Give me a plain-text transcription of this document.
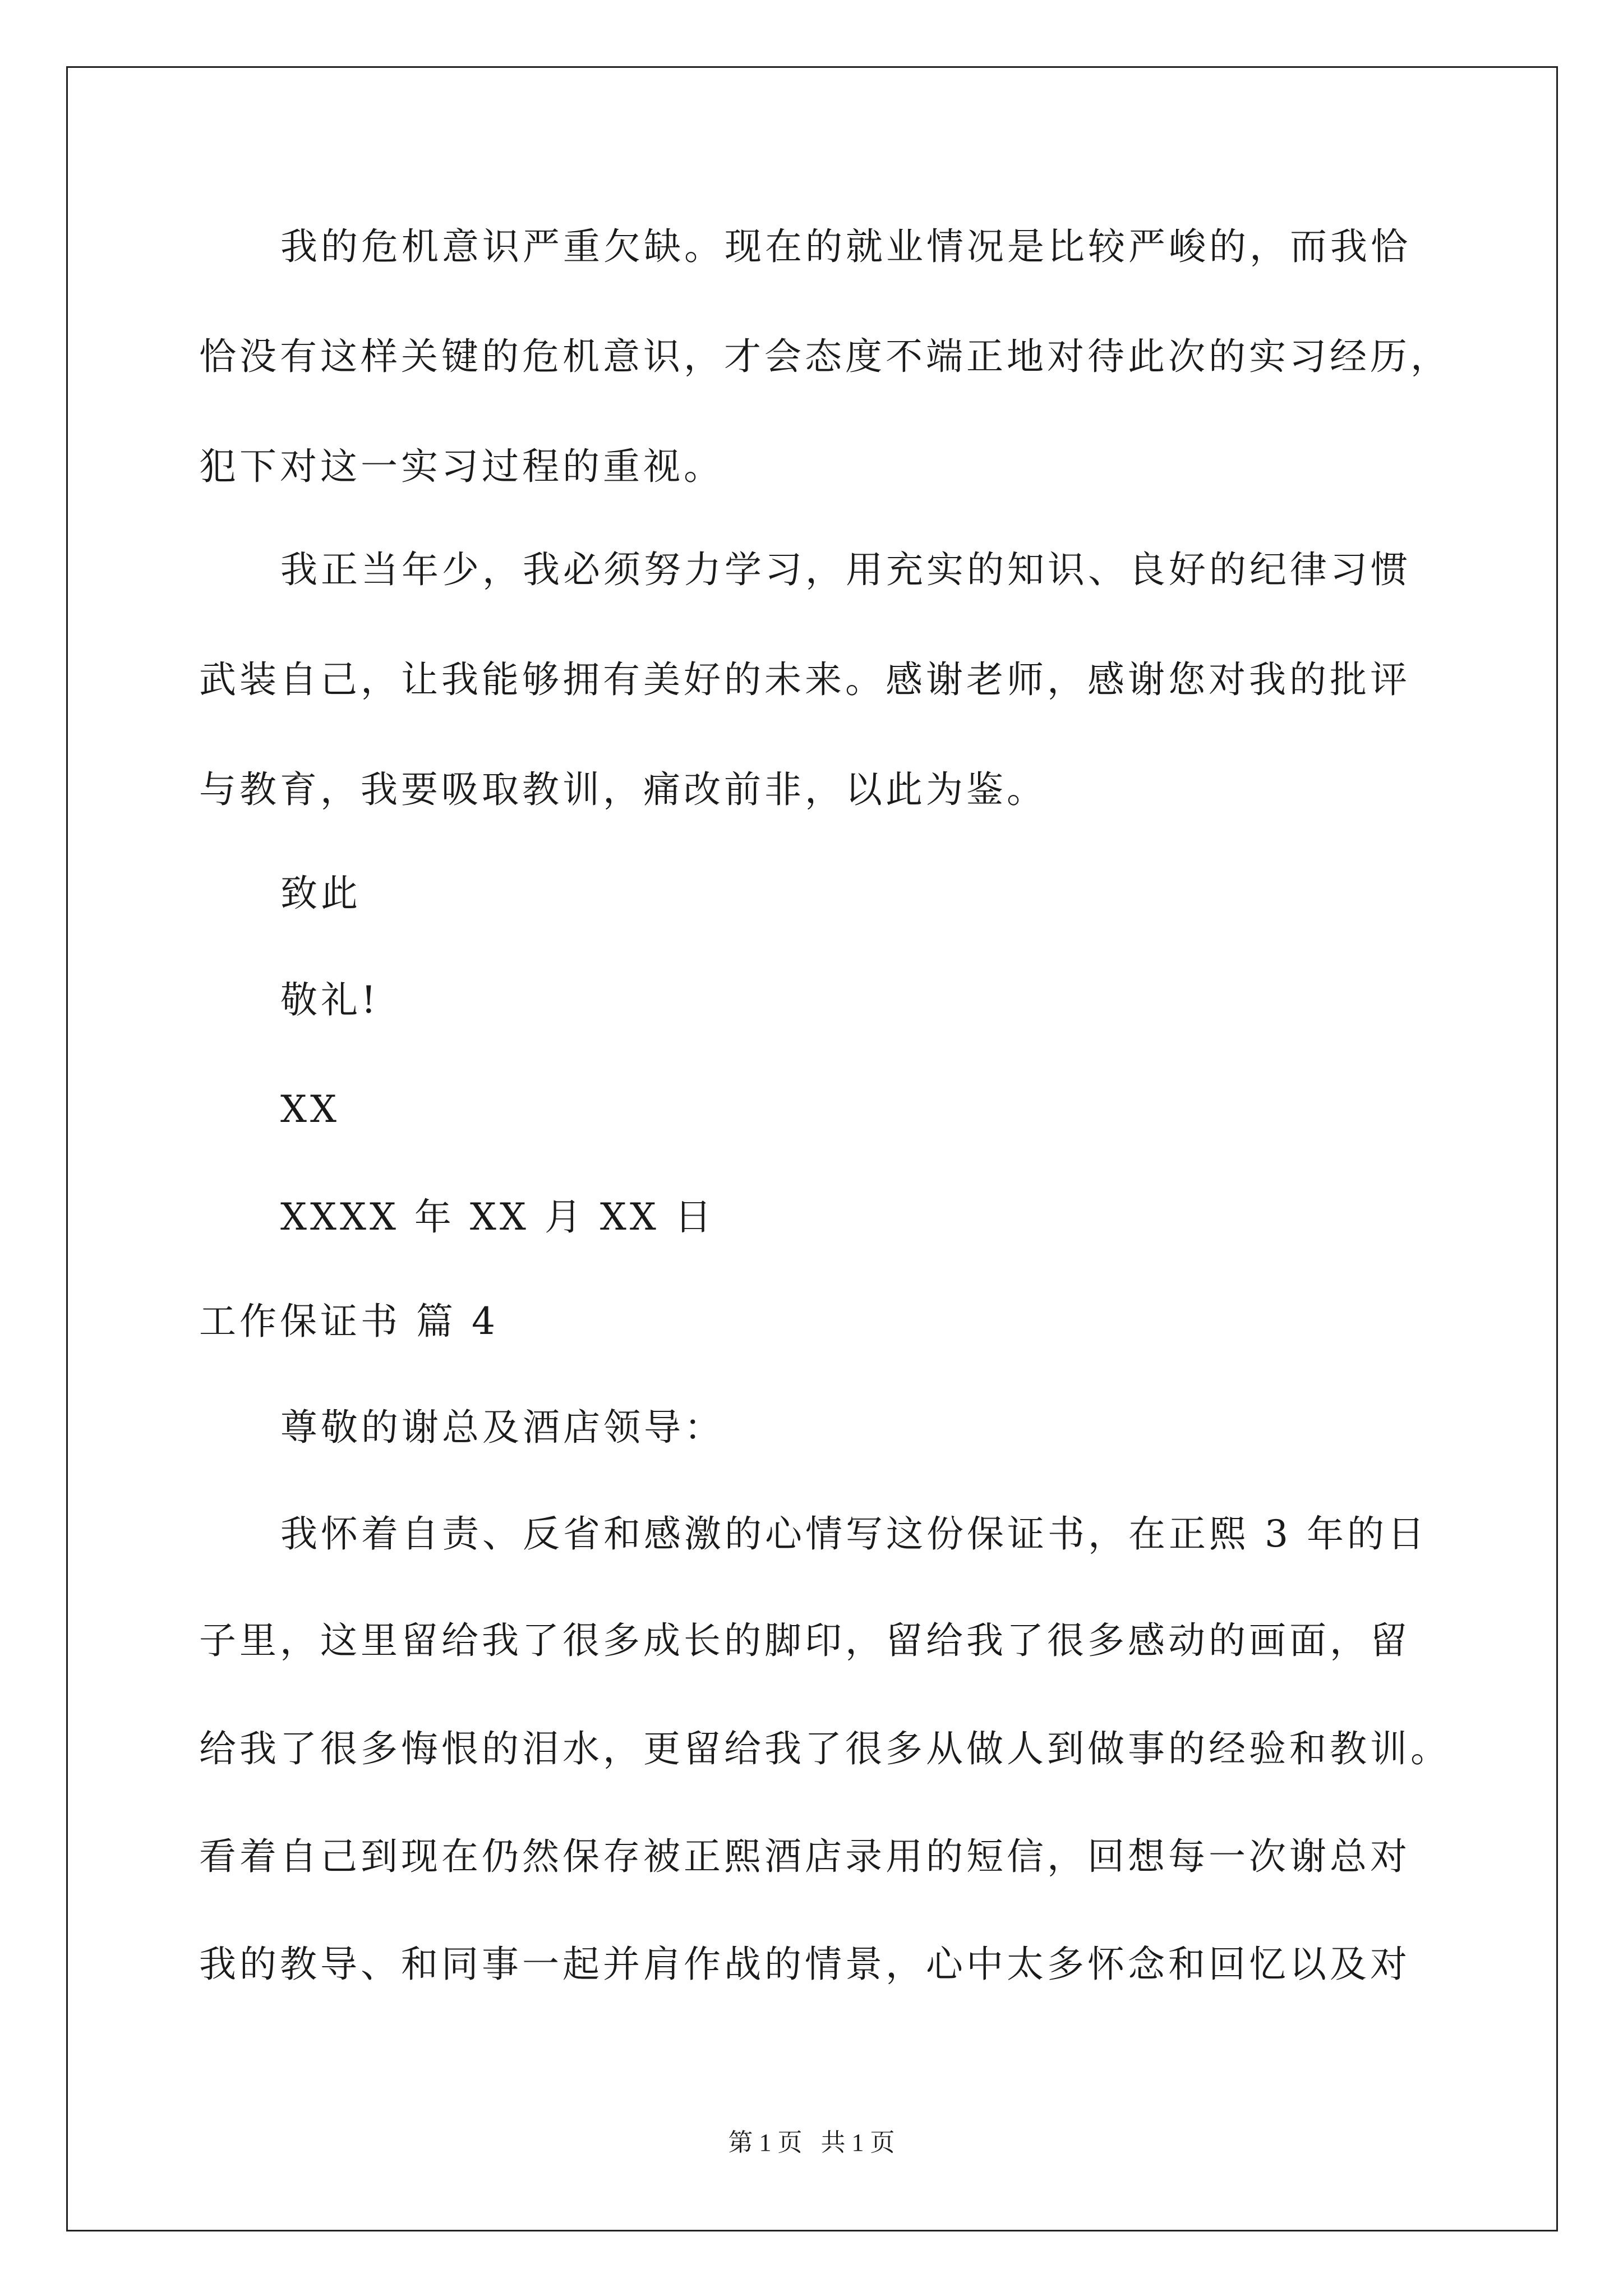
我的危机意识严重欠缺。现在的就业情况是比较严峻的，而我恰
恰没有这样关键的危机意识，才会态度不端正地对待此次的实习经历，
犯下对这一实习过程的重视。
我正当年少，我必须努力学习，用充实的知识、良好的纪律习惯
武装自己，让我能够拥有美好的未来。感谢老师，感谢您对我的批评
与教育，我要吸取教训，痛改前非，以此为鉴。
致此
敬礼!
XX
XXXX 年 XX 月 XX 日
工作保证书 篇 4
尊敬的谢总及酒店领导：
我怀着自责、反省和感激的心情写这份保证书，在正熙 3 年的日
子里，这里留给我了很多成长的脚印，留给我了很多感动的画面，留
给我了很多悔恨的泪水，更留给我了很多从做人到做事的经验和教训。
看着自己到现在仍然保存被正熙酒店录用的短信，回想每一次谢总对
我的教导、和同事一起并肩作战的情景，心中太多怀念和回忆以及对
第 1 页   共 1 页
